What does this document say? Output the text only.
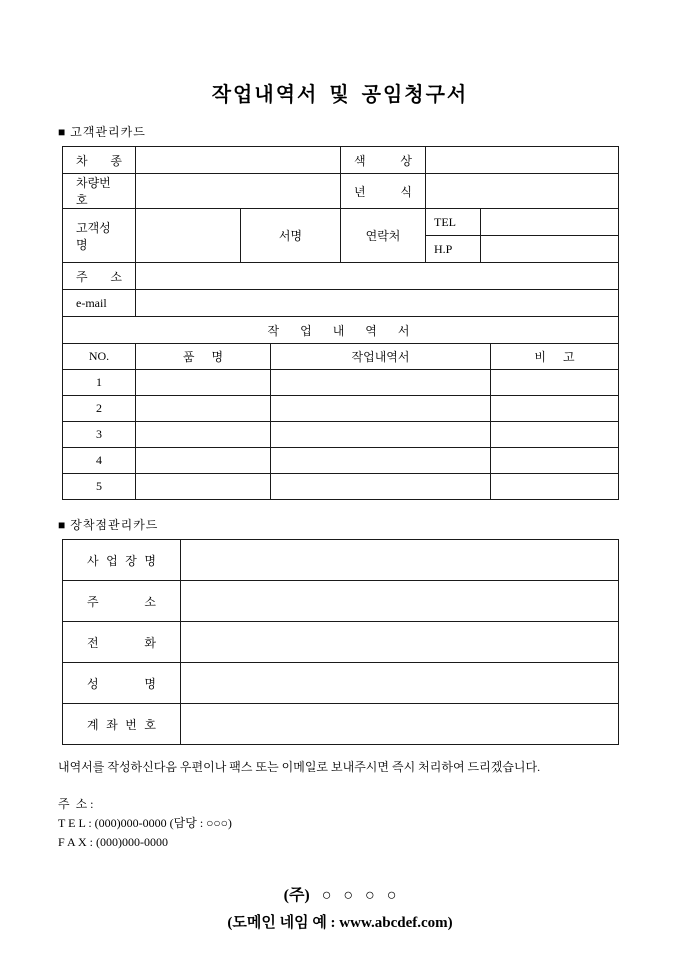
작업내역서 및 공임청구서
■ 고객관리카드
차 종				색 상			
차량번호				년 식			
고객성명		서명		연락처	TEL		
					H.P		
주 소							
e-mail							
작 업 내 역 서							
NO.	품 명		작업내역서				비 고
1							
2							
3							
4							
5							
■ 장착점관리카드
사 업 장 명	
주 소	
전 화	
성 명	
계 좌 번 호	
내역서를 작성하신다음 우편이나 팩스 또는 이메일로 보내주시면 즉시 처리하여 드리겠습니다.
주  소 :
T E L : (000)000-0000 (담당 : ○○○)
F A X : (000)000-0000
(주) ○ ○ ○ ○
(도메인 네임 예 : www.abcdef.com)
